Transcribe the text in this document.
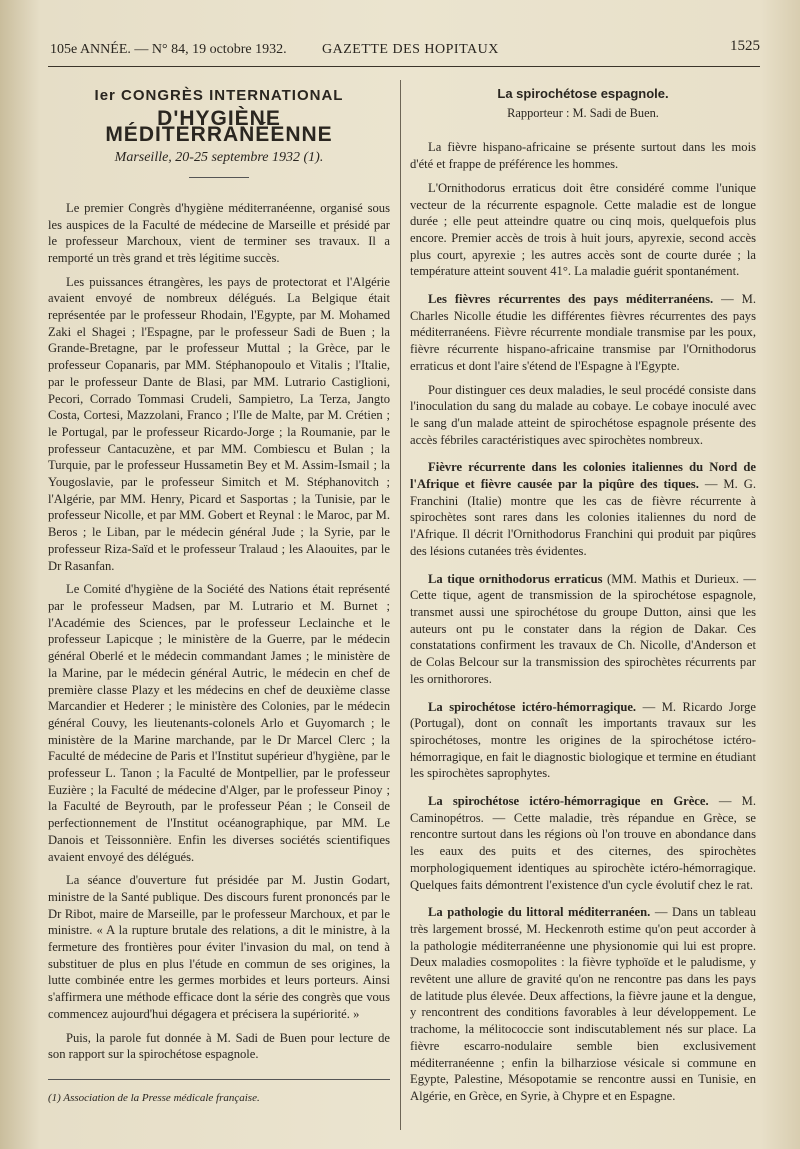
105e ANNÉE. — N° 84, 19 octobre 1932.	GAZETTE DES HOPITAUX	1525
Ier CONGRÈS INTERNATIONAL
D'HYGIÈNE MÉDITERRANÉENNE
Marseille, 20-25 septembre 1932 (1).

Le premier Congrès d'hygiène méditerranéenne, organisé sous les auspices de la Faculté de médecine de Marseille et présidé par le professeur Marchoux, vient de terminer ses travaux. Il a remporté un très grand et très légitime succès.

Les puissances étrangères, les pays de protectorat et l'Algérie avaient envoyé de nombreux délégués. La Belgique était représentée par le professeur Rhodain, l'Egypte, par M. Mohamed Zaki el Shagei ; l'Espagne, par le professeur Sadi de Buen ; la Grande-Bretagne, par le professeur Muttal ; la Grèce, par le professeur Copanaris, par MM. Stéphanopoulo et Vitalis ; l'Italie, par le professeur Dante de Blasi, par MM. Lutrario Castiglioni, Pecori, Corrado Tommasi Crudeli, Sampietro, La Terza, Jangto Costa, Cortesi, Mazzolani, Franco ; l'Ile de Malte, par M. Crétien ; le Portugal, par le professeur Ricardo-Jorge ; la Roumanie, par le professeur Cantacuzène, et par MM. Combiescu et Bulan ; la Turquie, par le professeur Hussametin Bey et M. Assim-Ismail ; la Yougoslavie, par le professeur Simitch et M. Stéphanovitch ; l'Algérie, par MM. Henry, Picard et Sasportas ; la Tunisie, par le professeur Nicolle, et par MM. Gobert et Reynal : le Maroc, par M. Beros ; le Liban, par le médecin général Jude ; la Syrie, par le professeur Riza-Saïd et le professeur Tralaud ; les Alaouites, par le Dr Rasanfan.

Le Comité d'hygiène de la Société des Nations était représenté par le professeur Madsen, par M. Lutrario et M. Burnet ; l'Académie des Sciences, par le professeur Leclainche et le professeur Lapicque ; le ministère de la Guerre, par le médecin général Oberlé et le médecin commandant James ; le ministère de la Marine, par le médecin général Autric, le médecin en chef de première classe Plazy et les médecins en chef de deuxième classe Marcandier et Hederer ; le ministère des Colonies, par le médecin général Couvy, les lieutenants-colonels Arlo et Guyomarch ; le ministère de la Marine marchande, par le Dr Marcel Clerc ; la Faculté de médecine de Paris et l'Institut supérieur d'hygiène, par le professeur L. Tanon ; la Faculté de Montpellier, par le professeur Euzière ; la Faculté de médecine d'Alger, par le professeur Pinoy ; la Faculté de Beyrouth, par le professeur Péan ; le Conseil de perfectionnement de l'Institut océanographique, par MM. Le Danois et Teissonnière. Enfin les diverses sociétés scientifiques avaient envoyé des délégués.

La séance d'ouverture fut présidée par M. Justin Godart, ministre de la Santé publique. Des discours furent prononcés par le Dr Ribot, maire de Marseille, par le professeur Marchoux, et par le ministre. « A la rupture brutale des relations, a dit le ministre, à la fermeture des frontières pour éviter l'invasion du mal, on tend à substituer de plus en plus l'étude en commun de ses origines, la lutte combinée entre les germes morbides et leurs porteurs. Ainsi s'affirmera une méthode efficace dont la série des congrès que vous commencez aujourd'hui dégagera et précisera la supériorité. »

Puis, la parole fut donnée à M. Sadi de Buen pour lecture de son rapport sur la spirochétose espagnole.

(1) Association de la Presse médicale française.
La spirochétose espagnole.
Rapporteur : M. Sadi de Buen.

La fièvre hispano-africaine se présente surtout dans les mois d'été et frappe de préférence les hommes.

L'Ornithodorus erraticus doit être considéré comme l'unique vecteur de la récurrente espagnole. Cette maladie est de longue durée ; elle peut atteindre quatre ou cinq mois, quelquefois plus encore. Premier accès de trois à huit jours, apyrexie, second accès plus court, apyrexie ; les autres accès sont de courte durée ; la température atteint souvent 41°. La maladie guérit spontanément.

Les fièvres récurrentes des pays méditerranéens. — M. Charles Nicolle étudie les différentes fièvres récurrentes des pays méditerranéens. Fièvre récurrente mondiale transmise par les poux, fièvre récurrente hispano-africaine transmise par l'Ornithodorus erraticus et dont l'aire s'étend de l'Espagne à l'Egypte.

Pour distinguer ces deux maladies, le seul procédé consiste dans l'inoculation du sang du malade au cobaye. Le cobaye inoculé avec le sang d'un malade atteint de spirochétose espagnole présente des accès fébriles caractéristiques avec spirochètes nombreux.

Fièvre récurrente dans les colonies italiennes du Nord de l'Afrique et fièvre causée par la piqûre des tiques. — M. G. Franchini (Italie) montre que les cas de fièvre récurrente à spirochètes sont rares dans les colonies italiennes du nord de l'Afrique. Il décrit l'Ornithodorus Franchini qui produit par piqûres des lésions cutanées très évidentes.

La tique ornithodorus erraticus (MM. Mathis et Durieux. — Cette tique, agent de transmission de la spirochétose espagnole, transmet aussi une spirochétose du groupe Dutton, ainsi que les auteurs ont pu le constater dans la région de Dakar. Ces constatations confirment les travaux de Ch. Nicolle, d'Anderson et de Colas Belcour sur la transmission des spirochètes récurrents par les ornithorores.

La spirochétose ictéro-hémorragique. — M. Ricardo Jorge (Portugal), dont on connaît les importants travaux sur les spirochétoses, montre les origines de la spirochétose ictéro-hémorragique, en fait le diagnostic biologique et termine en étudiant les spirochètes saprophytes.

La spirochétose ictéro-hémorragique en Grèce. — M. Caminopétros. — Cette maladie, très répandue en Grèce, se rencontre surtout dans les régions où l'on trouve en abondance dans les eaux des puits et des citernes, des spirochètes morphologiquement identiques au spirochète ictéro-hémorragique. Quelques faits démontrent l'existence d'un cycle évolutif chez le rat.

La pathologie du littoral méditerranéen. — Dans un tableau très largement brossé, M. Heckenroth estime qu'on peut accorder à la pathologie méditerranéenne une physionomie qui lui est propre. Deux maladies cosmopolites : la fièvre typhoïde et le paludisme, y revêtent une allure de gravité qu'on ne rencontre pas dans les pays de latitude plus élevée. Deux affections, la fièvre jaune et la dengue, y rencontrent des conditions favorables à leur développement. Le trachome, la mélitococcie sont indiscutablement nés sur place. La fièvre escarro-nodulaire semble bien exclusivement méditerranéenne ; enfin la bilharziose vésicale si commune en Egypte, Palestine, Mésopotamie se rencontre aussi en Tunisie, en Algérie, en Grèce, en Syrie, à Chypre et en Espagne.
